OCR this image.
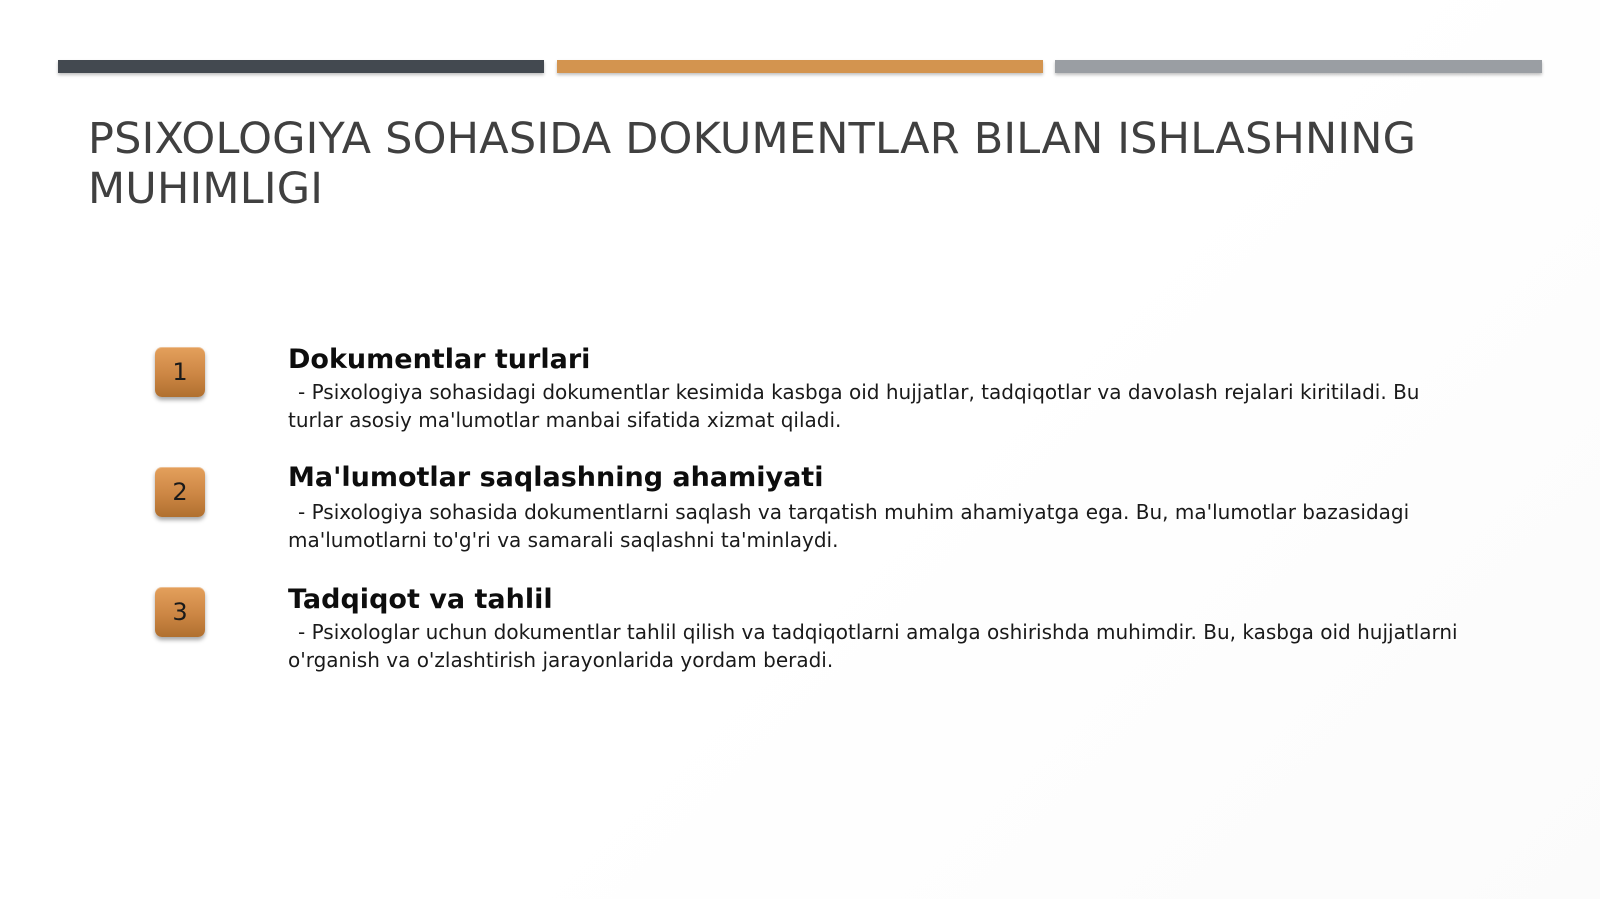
PSIXOLOGIYA SOHASIDA DOKUMENTLAR BILAN ISHLASHNING MUHIMLIGI
1	Dokumentlar turlari

- Psixologiya sohasidagi dokumentlar kesimida kasbga oid hujjatlar, tadqiqotlar va davolash rejalari kiritiladi. Bu turlar asosiy ma'lumotlar manbai sifatida xizmat qiladi.

2	Ma'lumotlar saqlashning ahamiyati

- Psixologiya sohasida dokumentlarni saqlash va tarqatish muhim ahamiyatga ega. Bu, ma'lumotlar bazasidagi ma'lumotlarni to'g'ri va samarali saqlashni ta'minlaydi.

3	Tadqiqot va tahlil

- Psixologlar uchun dokumentlar tahlil qilish va tadqiqotlarni amalga oshirishda muhimdir. Bu, kasbga oid hujjatlarni o'rganish va o'zlashtirish jarayonlarida yordam beradi.
